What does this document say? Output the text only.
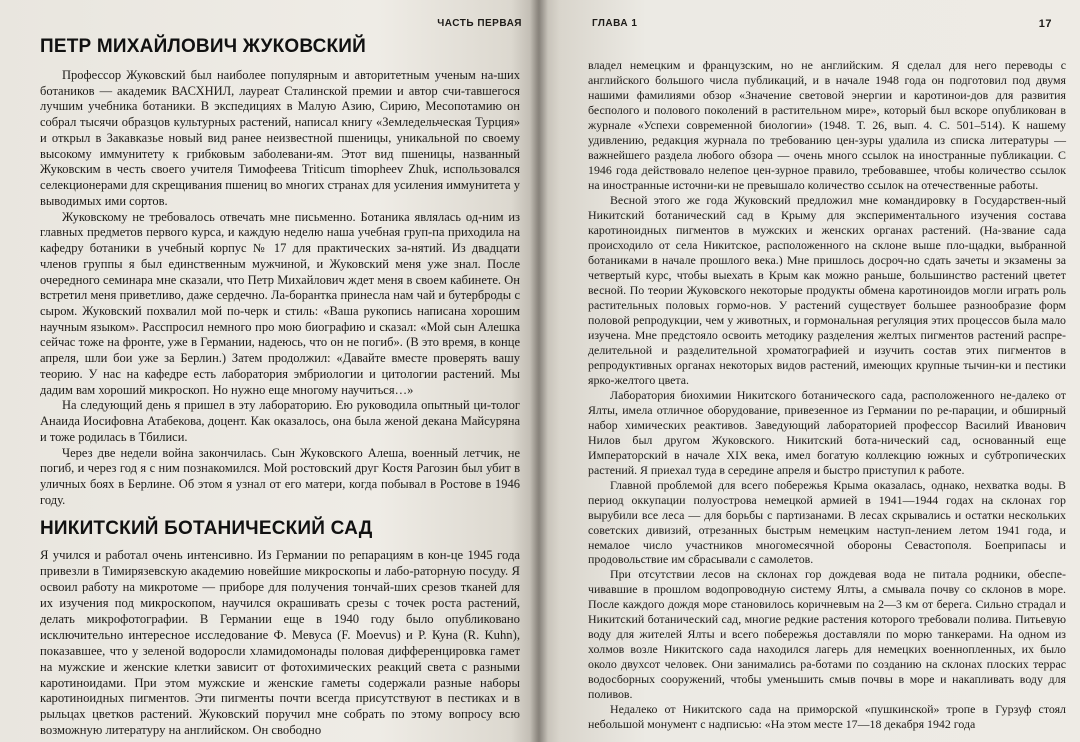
ЧАСТЬ ПЕРВАЯ
ПЕТР МИХАЙЛОВИЧ ЖУКОВСКИЙ

Профессор Жуковский был наиболее популярным и авторитетным ученым на-ших ботаников — академик ВАСХНИЛ, лауреат Сталинской премии и автор счи-тавшегося лучшим учебника ботаники. В экспедициях в Малую Азию, Сирию, Месопотамию он собрал тысячи образцов культурных растений, написал книгу «Земледельческая Турция» и открыл в Закавказье новый вид ранее неизвестной пшеницы, уникальной по своему высокому иммунитету к грибковым заболевани-ям. Этот вид пшеницы, названный Жуковским в честь своего учителя Тимофеева Triticum timopheev Zhuk, использовался селекционерами для скрещивания пшениц во многих странах для усиления иммунитета у выводимых ими сортов.

Жуковскому не требовалось отвечать мне письменно. Ботаника являлась од-ним из главных предметов первого курса, и каждую неделю наша учебная груп-па приходила на кафедру ботаники в учебный корпус № 17 для практических за-нятий. Из двадцати членов группы я был единственным мужчиной, и Жуковский меня уже знал. После очередного семинара мне сказали, что Петр Михайлович ждет меня в своем кабинете. Он встретил меня приветливо, даже сердечно. Ла-борантка принесла нам чай и бутерброды с сыром. Жуковский похвалил мой по-черк и стиль: «Ваша рукопись написана хорошим научным языком». Расспросил немного про мою биографию и сказал: «Мой сын Алешка сейчас тоже на фронте, уже в Германии, надеюсь, что он не погиб». (В это время, в конце апреля, шли бои уже за Берлин.) Затем продолжил: «Давайте вместе проверять вашу теорию. У нас на кафедре есть лаборатория эмбриологии и цитологии растений. Мы дадим вам хороший микроскоп. Но нужно еще многому научиться…»

На следующий день я пришел в эту лабораторию. Ею руководила опытный ци-толог Анаида Иосифовна Атабекова, доцент. Как оказалось, она была женой декана Майсуряна и тоже родилась в Тбилиси.

Через две недели война закончилась. Сын Жуковского Алеша, военный летчик, не погиб, и через год я с ним познакомился. Мой ростовский друг Костя Рагозин был убит в уличных боях в Берлине. Об этом я узнал от его матери, когда побывал в Ростове в 1946 году.

НИКИТСКИЙ БОТАНИЧЕСКИЙ САД

Я учился и работал очень интенсивно. Из Германии по репарациям в кон-це 1945 года привезли в Тимирязевскую академию новейшие микроскопы и лабо-раторную посуду. Я освоил работу на микротоме — приборе для получения тончай-ших срезов тканей для их изучения под микроскопом, научился окрашивать срезы с точек роста растений, делать микрофотографии. В Германии еще в 1940 году было опубликовано исключительно интересное исследование Ф. Мевуса (F. Moevus) и Р. Куна (R. Kuhn), показавшее, что у зеленой водоросли хламидомонады половая дифференцировка гамет на мужские и женские клетки зависит от фотохимических реакций света с разными каротиноидами. При этом мужские и женские гаметы содержали разные наборы каротиноидных пигментов. Эти пигменты почти всегда присутствуют в пестиках и в рыльцах цветков растений. Жуковский поручил мне собрать по этому вопросу всю возможную литературу на английском. Он свободно

ГЛАВА 1	17

владел немецким и французским, но не английским. Я сделал для него переводы с английского большого числа публикаций, и в начале 1948 года он подготовил под двумя нашими фамилиями обзор «Значение световой энергии и каротинои-дов для развития бесполого и полового поколений в растительном мире», который был вскоре опубликован в журнале «Успехи современной биологии» (1948. Т. 26, вып. 4. С. 501–514). К нашему удивлению, редакция журнала по требованию цен-зуры удалила из списка литературы — важнейшего раздела любого обзора — очень много ссылок на иностранные публикации. С 1946 года действовало нелепое цен-зурное правило, требовавшее, чтобы количество ссылок на иностранные источни-ки не превышало количество ссылок на отечественные работы.

Весной этого же года Жуковский предложил мне командировку в Государствен-ный Никитский ботанический сад в Крыму для экспериментального изучения состава каротиноидных пигментов в мужских и женских органах растений. (На-звание сада происходило от села Никитское, расположенного на склоне выше пло-щадки, выбранной ботаниками в начале прошлого века.) Мне пришлось досроч-но сдать зачеты и экзамены за четвертый курс, чтобы выехать в Крым как можно раньше, большинство растений цветет весной. По теории Жуковского некоторые продукты обмена каротиноидов могли играть роль растительных половых гормо-нов. У растений существует большее разнообразие форм половой репродукции, чем у животных, и гормональная регуляция этих процессов была мало изучена. Мне предстояло освоить методику разделения желтых пигментов растений распре-делительной и разделительной хроматографией и изучить состав этих пигментов в репродуктивных органах некоторых видов растений, имеющих крупные тычин-ки и пестики ярко-желтого цвета.

Лаборатория биохимии Никитского ботанического сада, расположенного не-далеко от Ялты, имела отличное оборудование, привезенное из Германии по ре-парации, и обширный набор химических реактивов. Заведующий лабораторией профессор Василий Иванович Нилов был другом Жуковского. Никитский бота-нический сад, основанный еще Императорский в начале XIX века, имел богатую коллекцию южных и субтропических растений. Я приехал туда в середине апреля и быстро приступил к работе.

Главной проблемой для всего побережья Крыма оказалась, однако, нехватка воды. В период оккупации полуострова немецкой армией в 1941—1944 годах на склонах гор вырубили все леса — для борьбы с партизанами. В лесах скрывались и остатки нескольких советских дивизий, отрезанных быстрым немецким наступ-лением летом 1941 года, и немалое число участников многомесячной обороны Севастополя. Боеприпасы и продовольствие им сбрасывали с самолетов.

При отсутствии лесов на склонах гор дождевая вода не питала родники, обеспе-чивавшие в прошлом водопроводную систему Ялты, а смывала почву со склонов в море. После каждого дождя море становилось коричневым на 2—3 км от берега. Сильно страдал и Никитский ботанический сад, многие редкие растения которого требовали полива. Питьевую воду для жителей Ялты и всего побережья доставляли по морю танкерами. На одном из холмов возле Никитского сада находился лагерь для немецких военнопленных, их было около двухсот человек. Они занимались ра-ботами по созданию на склонах плоских террас водосборных сооружений, чтобы уменьшить смыв почвы в море и накапливать воду для поливов.

Недалеко от Никитского сада на приморской «пушкинской» тропе в Гурзуф стоял небольшой монумент с надписью: «На этом месте 17—18 декабря 1942 года
